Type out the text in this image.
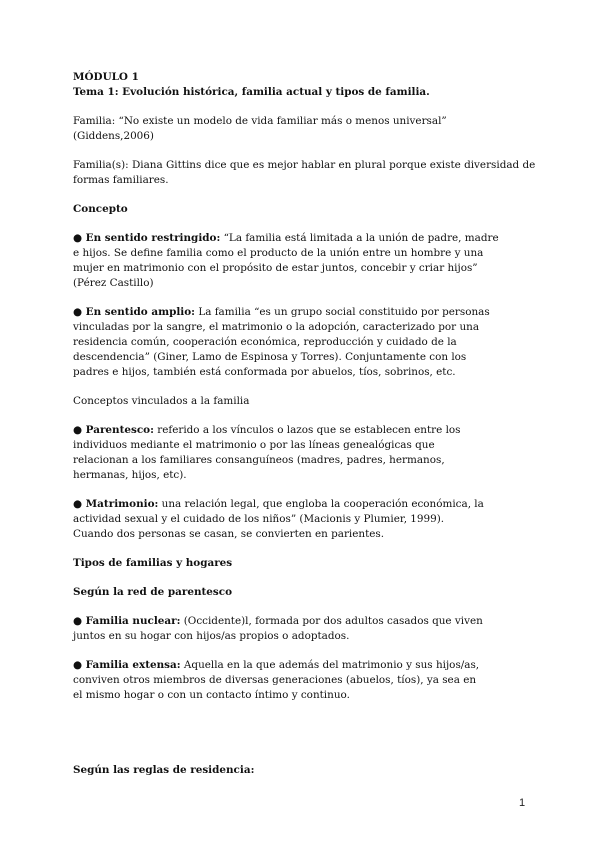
MÓDULO 1
Tema 1: Evolución histórica, familia actual y tipos de familia.
Familia: “No existe un modelo de vida familiar más o menos universal”
(Giddens,2006)
Familia(s): Diana Gittins dice que es mejor hablar en plural porque existe diversidad de
formas familiares.
Concepto
● En sentido restringido: “La familia está limitada a la unión de padre, madre
e hijos. Se define familia como el producto de la unión entre un hombre y una
mujer en matrimonio con el propósito de estar juntos, concebir y criar hijos”
(Pérez Castillo)
● En sentido amplio: La familia “es un grupo social constituido por personas
vinculadas por la sangre, el matrimonio o la adopción, caracterizado por una
residencia común, cooperación económica, reproducción y cuidado de la
descendencia” (Giner, Lamo de Espinosa y Torres). Conjuntamente con los
padres e hijos, también está conformada por abuelos, tíos, sobrinos, etc.
Conceptos vinculados a la familia
● Parentesco: referido a los vínculos o lazos que se establecen entre los
individuos mediante el matrimonio o por las líneas genealógicas que
relacionan a los familiares consanguíneos (madres, padres, hermanos,
hermanas, hijos, etc).
● Matrimonio: una relación legal, que engloba la cooperación económica, la
actividad sexual y el cuidado de los niños” (Macionis y Plumier, 1999).
Cuando dos personas se casan, se convierten en parientes.
Tipos de familias y hogares
Según la red de parentesco
● Familia nuclear: (Occidente)l, formada por dos adultos casados que viven
juntos en su hogar con hijos/as propios o adoptados.
● Familia extensa: Aquella en la que además del matrimonio y sus hijos/as,
conviven otros miembros de diversas generaciones (abuelos, tíos), ya sea en
el mismo hogar o con un contacto íntimo y continuo.
Según las reglas de residencia:
1
